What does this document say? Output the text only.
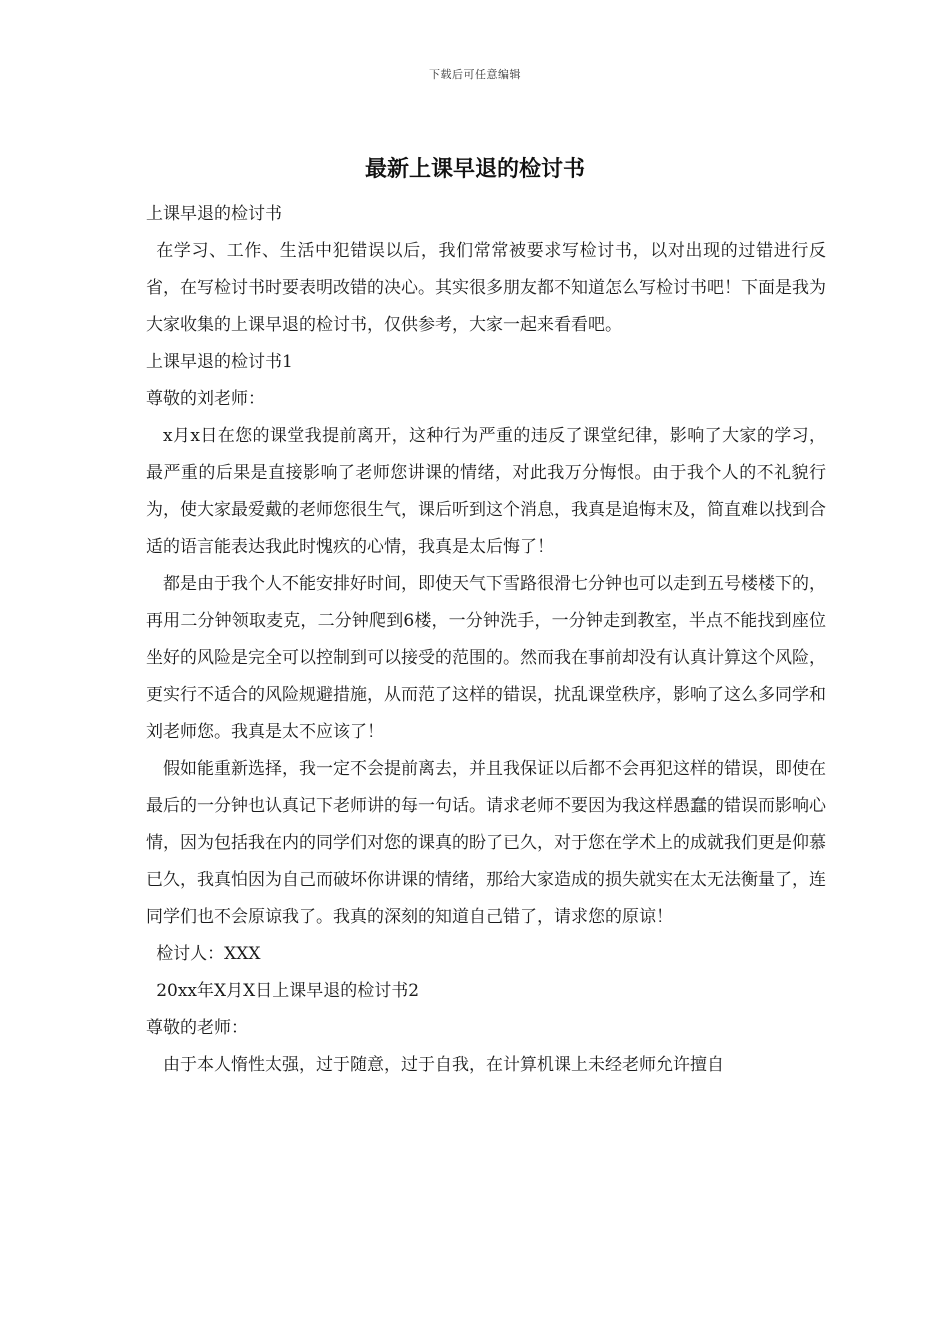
下载后可任意编辑
最新上课早退的检讨书

上课早退的检讨书

在学习、工作、生活中犯错误以后，我们常常被要求写检讨书，以对出现的过错进行反省，在写检讨书时要表明改错的决心。其实很多朋友都不知道怎么写检讨书吧！下面是我为大家收集的上课早退的检讨书，仅供参考，大家一起来看看吧。

上课早退的检讨书1

尊敬的刘老师：

x月x日在您的课堂我提前离开，这种行为严重的违反了课堂纪律，影响了大家的学习，最严重的后果是直接影响了老师您讲课的情绪，对此我万分悔恨。由于我个人的不礼貌行为，使大家最爱戴的老师您很生气，课后听到这个消息，我真是追悔末及，简直难以找到合适的语言能表达我此时愧疚的心情，我真是太后悔了！

都是由于我个人不能安排好时间，即使天气下雪路很滑七分钟也可以走到五号楼楼下的，再用二分钟领取麦克，二分钟爬到6楼，一分钟洗手，一分钟走到教室，半点不能找到座位坐好的风险是完全可以控制到可以接受的范围的。然而我在事前却没有认真计算这个风险，更实行不适合的风险规避措施，从而范了这样的错误，扰乱课堂秩序，影响了这么多同学和刘老师您。我真是太不应该了！

假如能重新选择，我一定不会提前离去，并且我保证以后都不会再犯这样的错误，即使在最后的一分钟也认真记下老师讲的每一句话。请求老师不要因为我这样愚蠢的错误而影响心情，因为包括我在内的同学们对您的课真的盼了已久，对于您在学术上的成就我们更是仰慕已久，我真怕因为自己而破坏你讲课的情绪，那给大家造成的损失就实在太无法衡量了，连同学们也不会原谅我了。我真的深刻的知道自己错了，请求您的原谅！

检讨人：XXX

20xx年X月X日上课早退的检讨书2

尊敬的老师：

由于本人惰性太强，过于随意，过于自我，在计算机课上未经老师允许擅自
